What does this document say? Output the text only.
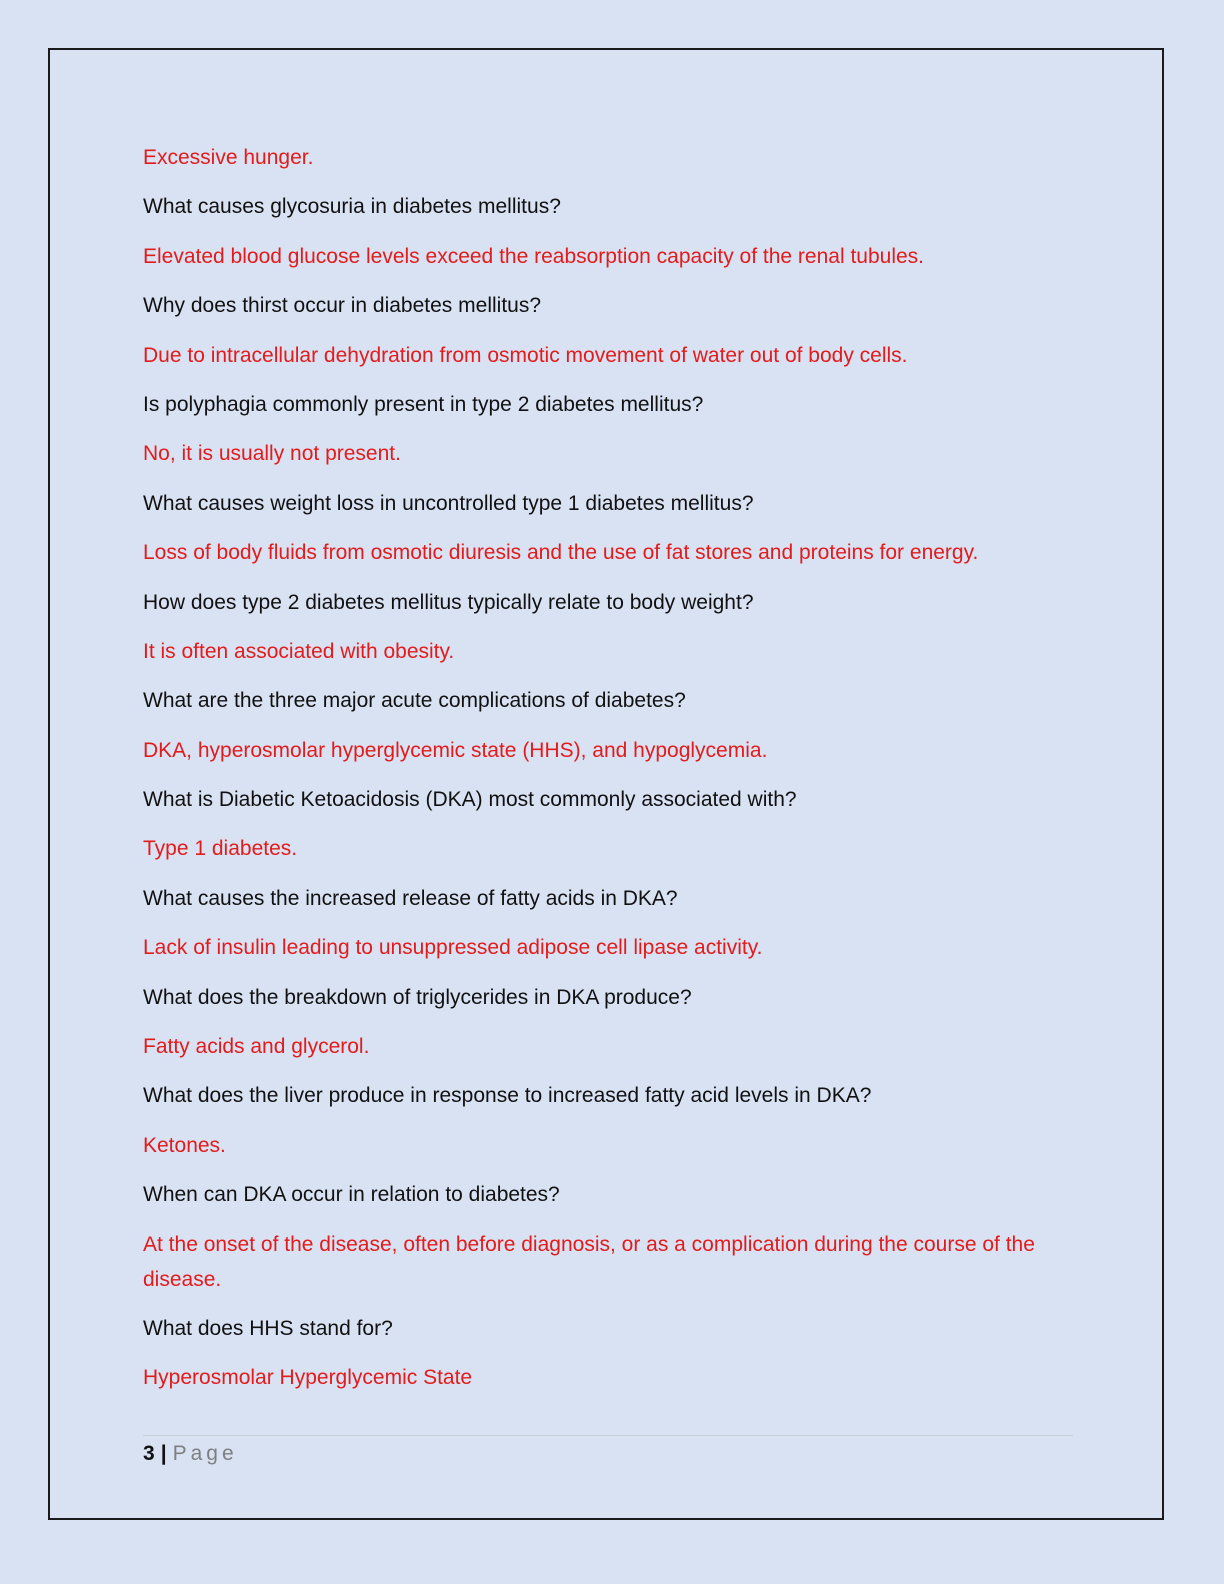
Excessive hunger.

What causes glycosuria in diabetes mellitus?

Elevated blood glucose levels exceed the reabsorption capacity of the renal tubules.

Why does thirst occur in diabetes mellitus?

Due to intracellular dehydration from osmotic movement of water out of body cells.

Is polyphagia commonly present in type 2 diabetes mellitus?

No, it is usually not present.

What causes weight loss in uncontrolled type 1 diabetes mellitus?

Loss of body fluids from osmotic diuresis and the use of fat stores and proteins for energy.

How does type 2 diabetes mellitus typically relate to body weight?

It is often associated with obesity.

What are the three major acute complications of diabetes?

DKA, hyperosmolar hyperglycemic state (HHS), and hypoglycemia.

What is Diabetic Ketoacidosis (DKA) most commonly associated with?

Type 1 diabetes.

What causes the increased release of fatty acids in DKA?

Lack of insulin leading to unsuppressed adipose cell lipase activity.

What does the breakdown of triglycerides in DKA produce?

Fatty acids and glycerol.

What does the liver produce in response to increased fatty acid levels in DKA?

Ketones.

When can DKA occur in relation to diabetes?

At the onset of the disease, often before diagnosis, or as a complication during the course of the disease.

What does HHS stand for?

Hyperosmolar Hyperglycemic State

3 | Page
